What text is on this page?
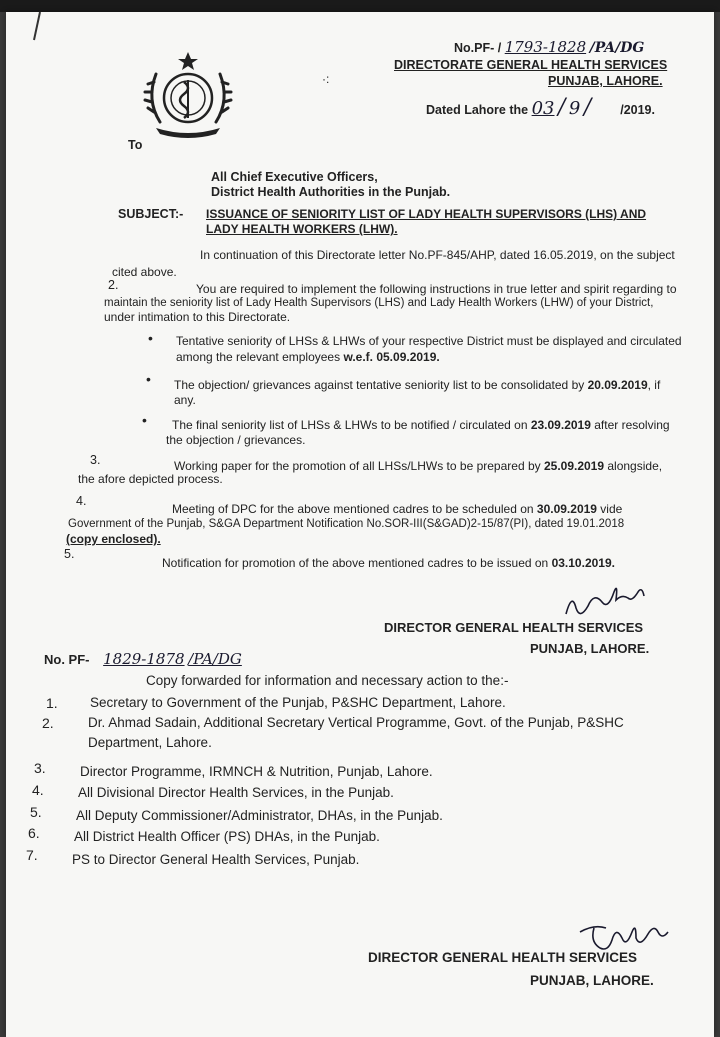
·:
No.PF- / 1793-1828 /PA/DG
DIRECTORATE GENERAL HEALTH SERVICES
PUNJAB, LAHORE.
Dated Lahore the 03 / 9 / /2019.
To
All Chief Executive Officers,
District Health Authorities in the Punjab.
SUBJECT:- ISSUANCE OF SENIORITY LIST OF LADY HEALTH SUPERVISORS (LHS) AND
LADY HEALTH WORKERS (LHW).
In continuation of this Directorate letter No.PF-845/AHP, dated 16.05.2019, on the subject
cited above.
2.	You are required to implement the following instructions in true letter and spirit regarding to
maintain the seniority list of Lady Health Supervisors (LHS) and Lady Health Workers (LHW) of your District,
under intimation to this Directorate.
• Tentative seniority of LHSs & LHWs of your respective District must be displayed and circulated
among the relevant employees w.e.f. 05.09.2019.
• The objection/ grievances against tentative seniority list to be consolidated by 20.09.2019, if
any.
• The final seniority list of LHSs & LHWs to be notified / circulated on 23.09.2019 after resolving
the objection / grievances.
3.	Working paper for the promotion of all LHSs/LHWs to be prepared by 25.09.2019 alongside,
the afore depicted process.
4.
Meeting of DPC for the above mentioned cadres to be scheduled on 30.09.2019 vide
Government of the Punjab, S&GA Department Notification No.SOR-III(S&GAD)2-15/87(PI), dated 19.01.2018
(copy enclosed).
5.
Notification for promotion of the above mentioned cadres to be issued on 03.10.2019.
DIRECTOR GENERAL HEALTH SERVICES
PUNJAB, LAHORE.
No. PF- 1829-1878 /PA/DG
Copy forwarded for information and necessary action to the:-
1. Secretary to Government of the Punjab, P&SHC Department, Lahore.
2.	Dr. Ahmad Sadain, Additional Secretary Vertical Programme, Govt. of the Punjab, P&SHC
Department, Lahore.
3.	Director Programme, IRMNCH & Nutrition, Punjab, Lahore.
4.	All Divisional Director Health Services, in the Punjab.
5.	All Deputy Commissioner/Administrator, DHAs, in the Punjab.
6.	All District Health Officer (PS) DHAs, in the Punjab.
7.	PS to Director General Health Services, Punjab.
DIRECTOR GENERAL HEALTH SERVICES
PUNJAB, LAHORE.
